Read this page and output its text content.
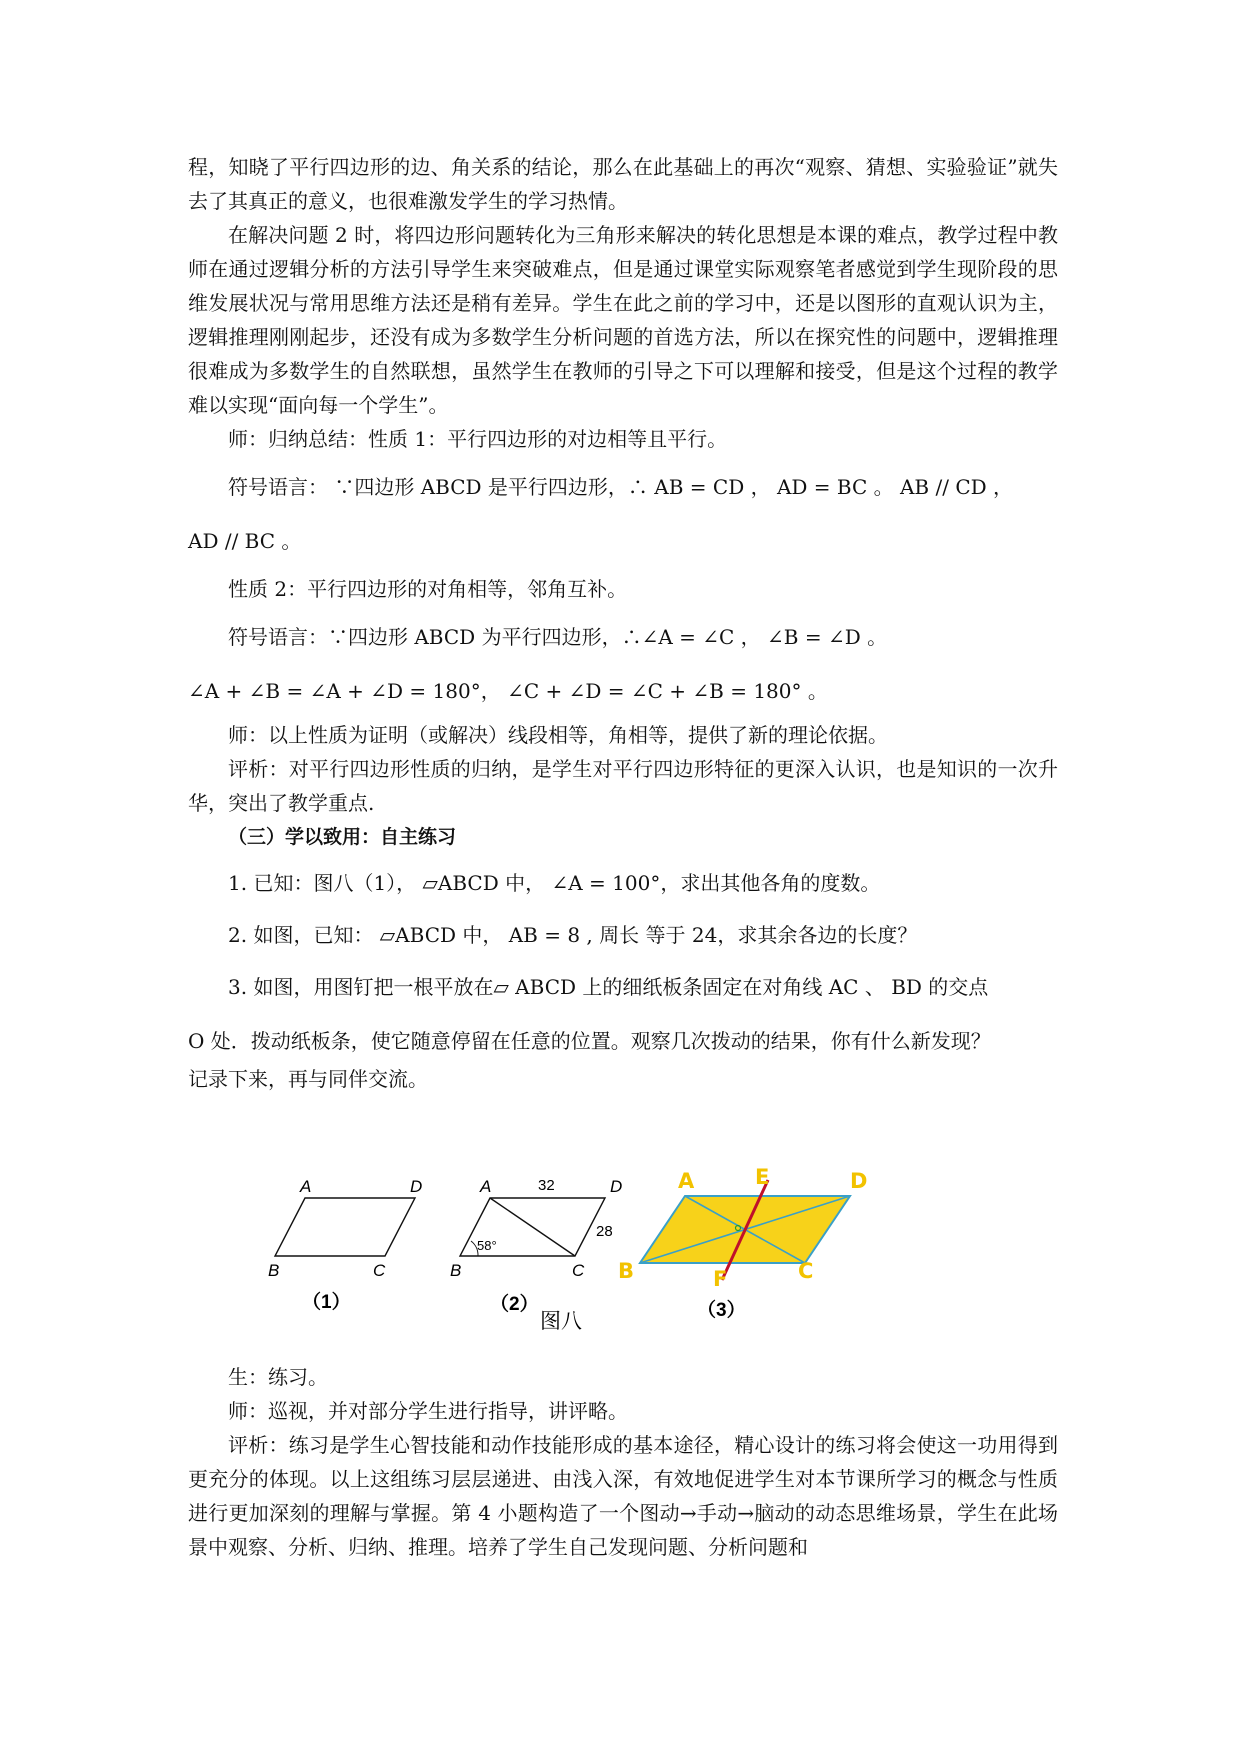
程，知晓了平行四边形的边、角关系的结论，那么在此基础上的再次“观察、猜想、实验验证”就失去了其真正的意义，也很难激发学生的学习热情。

在解决问题 2 时，将四边形问题转化为三角形来解决的转化思想是本课的难点，教学过程中教师在通过逻辑分析的方法引导学生来突破难点，但是通过课堂实际观察笔者感觉到学生现阶段的思维发展状况与常用思维方法还是稍有差异。学生在此之前的学习中，还是以图形的直观认识为主，逻辑推理刚刚起步，还没有成为多数学生分析问题的首选方法，所以在探究性的问题中，逻辑推理很难成为多数学生的自然联想，虽然学生在教师的引导之下可以理解和接受，但是这个过程的教学难以实现“面向每一个学生”。

师：归纳总结：性质 1：平行四边形的对边相等且平行。

符号语言： ∵四边形 ABCD 是平行四边形，∴ AB = CD ， AD = BC 。 AB // CD ，

AD // BC 。

性质 2：平行四边形的对角相等，邻角互补。

符号语言：∵四边形 ABCD 为平行四边形，∴∠A = ∠C ， ∠B = ∠D 。

∠A + ∠B = ∠A + ∠D = 180°， ∠C + ∠D = ∠C + ∠B = 180° 。

师：以上性质为证明（或解决）线段相等，角相等，提供了新的理论依据。

评析：对平行四边形性质的归纳，是学生对平行四边形特征的更深入认识，也是知识的一次升华，突出了教学重点.

（三）学以致用：自主练习

1. 已知：图八（1）， ▱ABCD 中， ∠A = 100°，求出其他各角的度数。

2. 如图，已知： ▱ABCD 中， AB = 8 , 周长 等于 24，求其余各边的长度？

3. 如图，用图钉把一根平放在▱ ABCD 上的细纸板条固定在对角线 AC 、 BD 的交点

O 处．拨动纸板条，使它随意停留在任意的位置。观察几次拨动的结果，你有什么新发现？

记录下来，再与同伴交流。

A	D
B	C
（1）
A	D
B	C
32
28
58°
（2）
图八
A	E	D
B	F	C
（3）

生：练习。

师：巡视，并对部分学生进行指导，讲评略。

评析：练习是学生心智技能和动作技能形成的基本途径，精心设计的练习将会使这一功用得到更充分的体现。以上这组练习层层递进、由浅入深，有效地促进学生对本节课所学习的概念与性质进行更加深刻的理解与掌握。第 4 小题构造了一个图动→手动→脑动的动态思维场景，学生在此场景中观察、分析、归纳、推理。培养了学生自己发现问题、分析问题和
